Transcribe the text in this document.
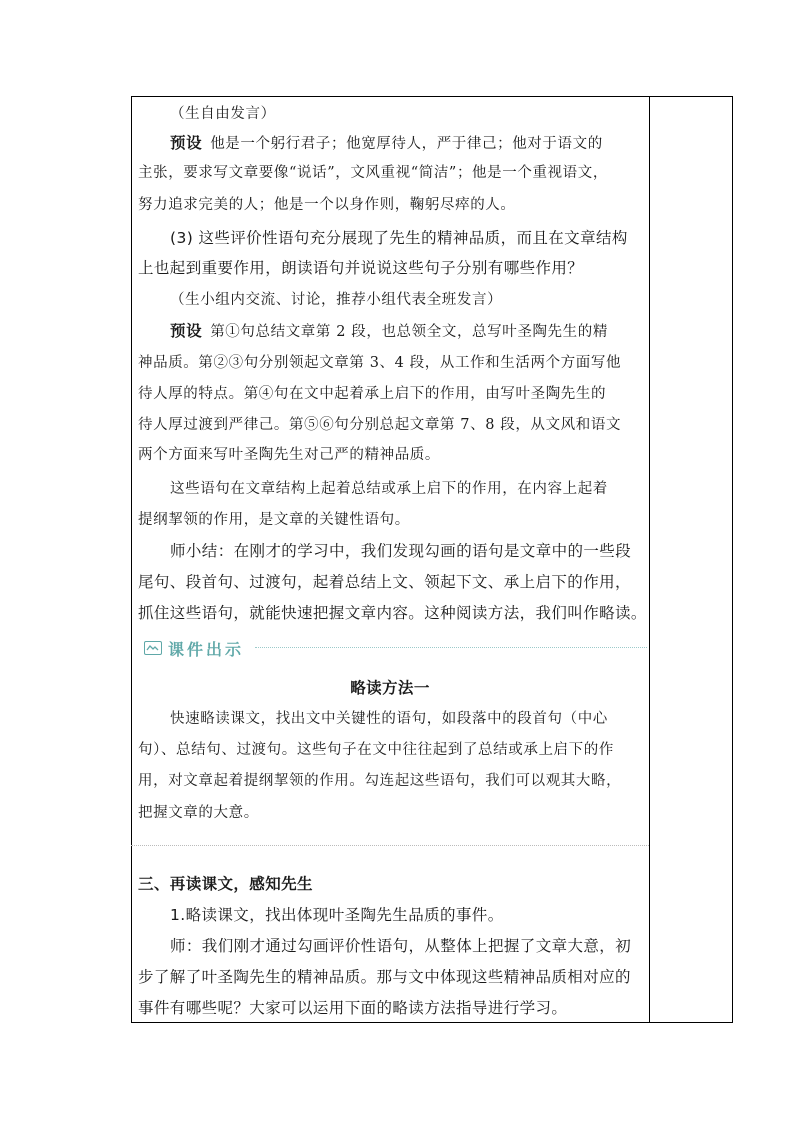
（生自由发言）
预设 他是一个躬行君子；他宽厚待人，严于律己；他对于语文的
主张，要求写文章要像“说话”，文风重视“简洁”；他是一个重视语文，
努力追求完美的人；他是一个以身作则，鞠躬尽瘁的人。
(3) 这些评价性语句充分展现了先生的精神品质，而且在文章结构
上也起到重要作用，朗读语句并说说这些句子分别有哪些作用？
（生小组内交流、讨论，推荐小组代表全班发言）
预设 第①句总结文章第 2 段，也总领全文，总写叶圣陶先生的精
神品质。第②③句分别领起文章第 3、4 段，从工作和生活两个方面写他
待人厚的特点。第④句在文中起着承上启下的作用，由写叶圣陶先生的
待人厚过渡到严律己。第⑤⑥句分别总起文章第 7、8 段，从文风和语文
两个方面来写叶圣陶先生对己严的精神品质。
这些语句在文章结构上起着总结或承上启下的作用，在内容上起着
提纲挈领的作用，是文章的关键性语句。
师小结：在刚才的学习中，我们发现勾画的语句是文章中的一些段
尾句、段首句、过渡句，起着总结上文、领起下文、承上启下的作用，
抓住这些语句，就能快速把握文章内容。这种阅读方法，我们叫作略读。
课件出示
略读方法一
快速略读课文，找出文中关键性的语句，如段落中的段首句（中心
句）、总结句、过渡句。这些句子在文中往往起到了总结或承上启下的作
用，对文章起着提纲挈领的作用。勾连起这些语句，我们可以观其大略，
把握文章的大意。
三、再读课文，感知先生
1.略读课文，找出体现叶圣陶先生品质的事件。
师：我们刚才通过勾画评价性语句，从整体上把握了文章大意，初
步了解了叶圣陶先生的精神品质。那与文中体现这些精神品质相对应的
事件有哪些呢？大家可以运用下面的略读方法指导进行学习。
